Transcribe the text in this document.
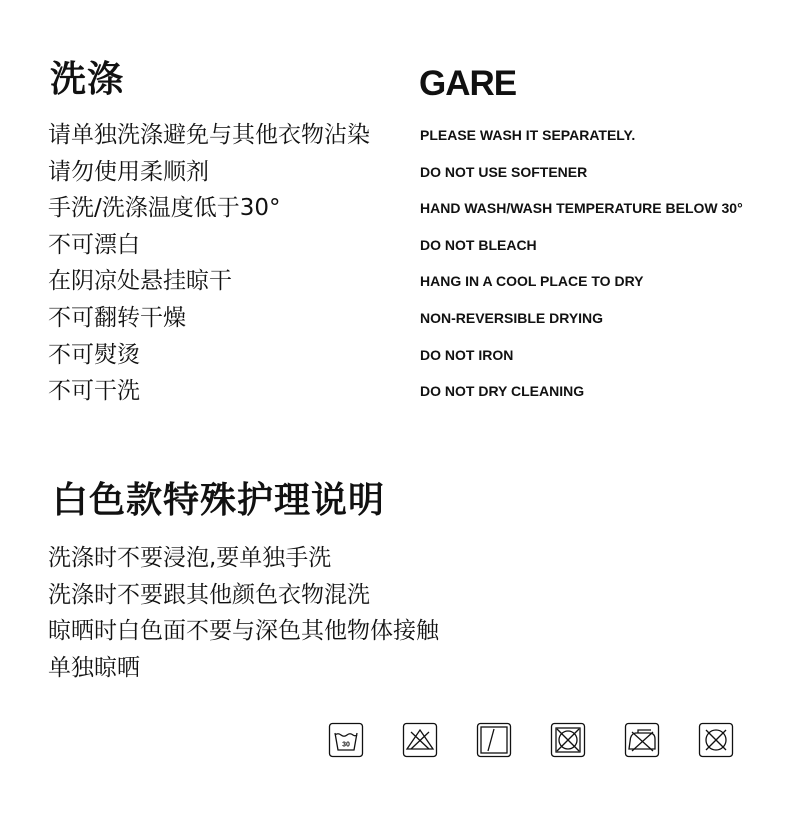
洗涤	GARE
请单独洗涤避免与其他衣物沾染
请勿使用柔顺剂
手洗/洗涤温度低于30°
不可漂白
在阴凉处悬挂晾干
不可翻转干燥
不可熨烫
不可干洗
PLEASE WASH IT SEPARATELY.
DO NOT USE SOFTENER
HAND WASH/WASH TEMPERATURE BELOW 30°
DO NOT BLEACH
HANG IN A COOL PLACE TO DRY
NON-REVERSIBLE DRYING
DO NOT IRON
DO NOT DRY CLEANING
白色款特殊护理说明
洗涤时不要浸泡,要单独手洗
洗涤时不要跟其他颜色衣物混洗
晾晒时白色面不要与深色其他物体接触
单独晾晒
30
